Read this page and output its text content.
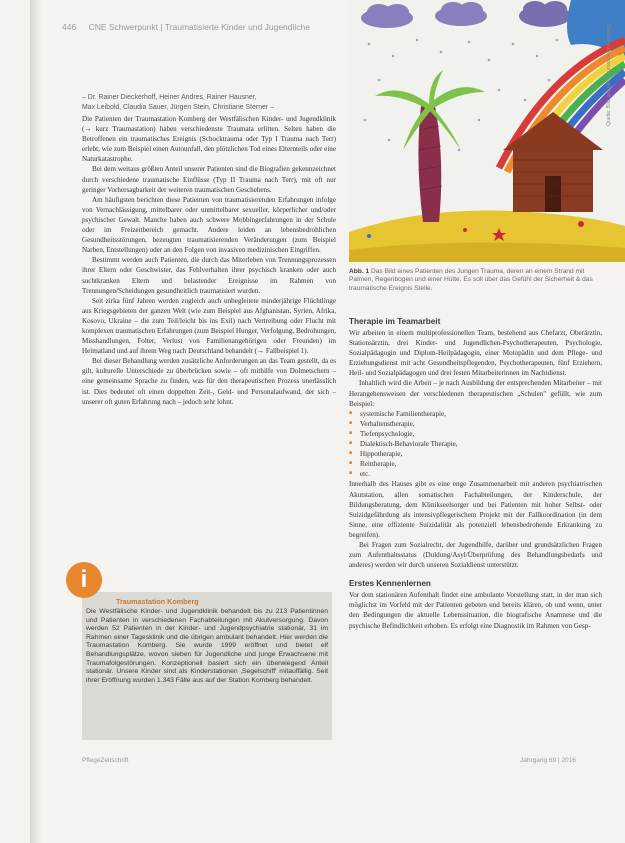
446 CNE Schwerpunkt | Traumatisierte Kinder und Jugendliche
– Dr. Rainer Dieckerhoff, Heiner Andres, Rainer Hausner,
Max Leibold, Claudia Sauer, Jürgen Stein, Christiane Sterner –

Die Patienten der Traumastation Komberg der Westfälischen Kinder- und Jugendklinik (→ kurz Traumastation) haben verschiedenste Traumata erlitten. Selten haben die Betroffenen ein traumatisches Ereignis (Schocktrauma oder Typ I Trauma nach Terr) erlebt, wie zum Beispiel einen Autounfall, den plötzlichen Tod eines Elternteils oder eine Naturkatastrophe.

Bei dem weitaus größten Anteil unserer Patienten sind die Biografien gekennzeichnet durch verschiedene traumatische Einflüsse (Typ II Trauma nach Terr), mit oft nur geringer Vorhersagbarkeit der weiteren traumatischen Geschehens.

Am häufigsten berichten diese Patienten von traumatisierenden Erfahrungen infolge von Vernachlässigung, mittelbarer oder unmittelbarer sexueller, körperlicher und/oder psychischer Gewalt. Manche haben auch schwere Mobbingerfahrungen in der Schule oder im Freizeitbereich gemacht. Andere leiden an lebensbedrohlichen Gesundheitsstörungen, bezeugten traumatisierenden Veränderungen (zum Beispiel Narben, Entstellungen) oder an den Folgen von invasiven medizinischen Eingriffen.

Bestimmt werden auch Patienten, die durch das Miterleben von Trennungsprozessen ihrer Eltern oder Geschwister, das Fehlverhalten ihrer psychisch kranken oder auch suchtkranken Eltern und belastender Ereignisse im Rahmen von Trennungen/Scheidungen gesundheitlich traumatisiert wurden.

Seit zirka fünf Jahren werden zugleich auch unbegleitete minderjährige Flüchtlinge aus Kriegsgebieten der ganzen Welt (wie zum Beispiel aus Afghanistan, Syrien, Afrika, Kosovo, Ukraine – die zum Teil/leicht bis ins Exil) nach Vertreibung oder Flucht mit komplexen traumatischen Erfahrungen (zum Beispiel Hunger, Verfolgung, Bedrohungen, Misshandlungen, Folter, Verlust von Familienangehörigen oder Freunden) im Heimatland und auf ihrem Weg nach Deutschland behandelt (→ Fallbeispiel 1).

Bei dieser Behandlung werden zusätzliche Anforderungen an das Team gestellt, da es gilt, kulturelle Unterschiede zu überbrücken sowie – oft mithilfe von Dolmetschern – eine gemeinsame Sprache zu finden, was für den therapeutischen Prozess unerlässlich ist. Dies bedeutet oft einen doppelten Zeit-, Geld- und Personalaufwand, der sich – unserer oft guten Erfahrung nach – jedoch sehr lohnt.

i
Traumastation Komberg
Die Westfälische Kinder- und Jugendklinik behandelt bis zu 213 Patientinnen und Patienten in verschiedenen Fachabteilungen mit Akutversorgung. Davon werden 52 Patienten in der Kinder- und Jugendpsychiatrie stationär, 31 im Rahmen einer Tagesklinik und die übrigen ambulant behandelt. Hier werden die Traumastation Komberg. Sie wurde 1999 eröffnet und bietet elf Behandlungsplätze, wovon sieben für Jugendliche und junge Erwachsene mit Traumafolgestörungen. Konzeptionell basiert sich ein überwiegend Anteil stationär. Unsere Kinder sind als Kinderstationen ‚Segelschiff' mitauffällig. Seit ihrer Eröffnung wurden 1.343 Fälle aus auf der Station Komberg behandelt.
Quelle: Bild aus der Traumastation Komberg
Abb. 1 Das Bild eines Patienten des Jungen Trauma, deren an einem Strand mit Palmen, Regenbogen und einer Hütte. Es soll über das Gefühl der Sicherheit & das traumatische Ereignis Stelle.
Therapie im Teamarbeit

Wir arbeiten in einem multiprofessionellen Team, bestehend aus Chefarzt, Oberärztin, Stationsärztin, drei Kinder- und Jugendlichen-Psychotherapeuten, Psychologie, Sozialpädagogin und Diplom-Heilpädagogin, einer Motopädin und dem Pflege- und Erziehungsdienst mit acht Gesundheitspflegenden, Psychotherapeuten, fünf Erziehern, Heil- und Sozialpädagogen und drei festen Mitarbeiterinnen im Nachtdienst.

Inhaltlich wird die Arbeit – je nach Ausbildung der entsprechenden Mitarbeiter – mit Herangehensweisen der verschiedenen therapeutischen „Schulen" gefüllt, wie zum Beispiel:

■ systemische Familientherapie,
■ Verhaltenstherapie,
■ Tiefenpsychologie,
■ Dialektisch-Behaviorale Therapie,
■ Hippotherapie,
■ Reittherapie,
■ etc.

Innerhalb des Hauses gibt es eine enge Zusammenarbeit mit anderen psychiatrischen Akutstation, allen somatischen Fachabteilungen, der Kinderschule, der Bildungsberatung, dem Klinikseelsorger und bei Patienten mit hoher Selbst- oder Suizidgefährdung als intensivpflegerischem Projekt mit der Fallkoordination (in dem Sinne, eine effiziente Suizidalität als potenziell lebensbedrohende Erkrankung zu begreifen).

Bei Fragen zum Sozialrecht, der Jugendhilfe, darüber und grundsätzlichen Fragen zum Aufenthaltsstatus (Duldung/Asyl/Überprüfung des Behandlungsbedarfs und anderes) werden wir durch unseren Sozialdienst unterstützt.

Erstes Kennenlernen

Vor dem stationären Aufenthalt findet eine ambulante Vorstellung statt, in der man sich möglichst im Vorfeld mit der Patienten gebeten und bereits klären, ob und wenn, unter den Bedingungen die aktuelle Lebenssituation, die biografische Anamnese und die psychische Befindlichkeit erhoben. Es erfolgt eine Diagnostik im Rahmen von Gesp-

PflegeZeitschrift	Jahrgang 69 | 2016
